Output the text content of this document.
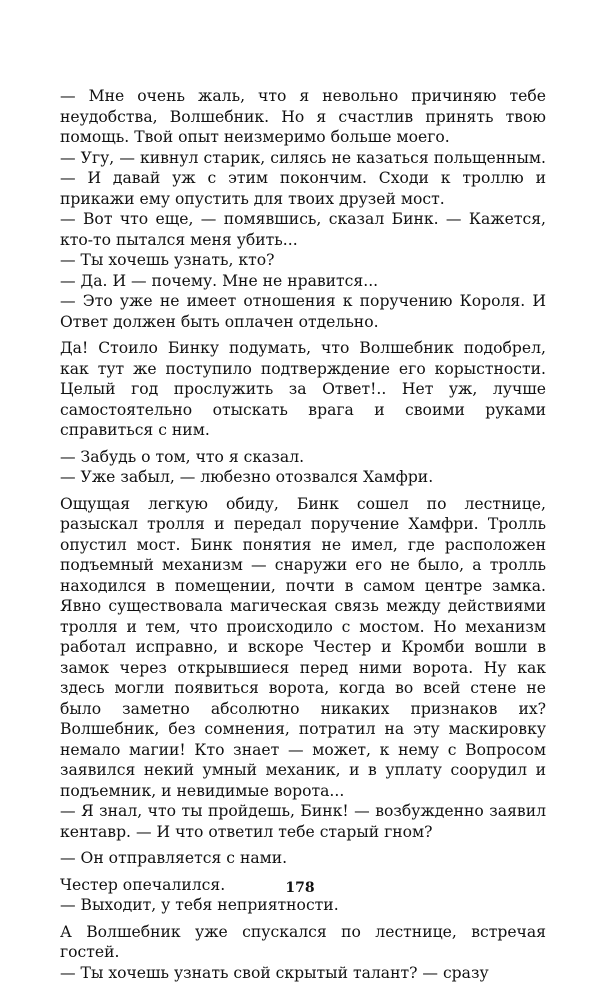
— Мне очень жаль, что я невольно причиняю тебе неудобства, Волшебник. Но я счастлив принять твою помощь. Твой опыт неизмеримо больше моего.

— Угу, — кивнул старик, силясь не казаться польщенным. — И давай уж с этим покончим. Сходи к троллю и прикажи ему опустить для твоих друзей мост.

— Вот что еще, — помявшись, сказал Бинк. — Кажется, кто-то пытался меня убить...

— Ты хочешь узнать, кто?

— Да. И — почему. Мне не нравится...

— Это уже не имеет отношения к поручению Короля. И Ответ должен быть оплачен отдельно.

Да! Стоило Бинку подумать, что Волшебник подобрел, как тут же поступило подтверждение его корыстности. Целый год прослужить за Ответ!.. Нет уж, лучше самостоятельно отыскать врага и своими руками справиться с ним.

— Забудь о том, что я сказал.

— Уже забыл, — любезно отозвался Хамфри.

Ощущая легкую обиду, Бинк сошел по лестнице, разыскал тролля и передал поручение Хамфри. Тролль опустил мост. Бинк понятия не имел, где расположен подъемный механизм — снаружи его не было, а тролль находился в помещении, почти в самом центре замка. Явно существовала магическая связь между действиями тролля и тем, что происходило с мостом. Но механизм работал исправно, и вскоре Честер и Кромби вошли в замок через открывшиеся перед ними ворота. Ну как здесь могли появиться ворота, когда во всей стене не было заметно абсолютно никаких признаков их? Волшебник, без сомнения, потратил на эту маскировку немало магии! Кто знает — может, к нему с Вопросом заявился некий умный механик, и в уплату соорудил и подъемник, и невидимые ворота...

— Я знал, что ты пройдешь, Бинк! — возбужденно заявил кентавр. — И что ответил тебе старый гном?

— Он отправляется с нами.

Честер опечалился.

— Выходит, у тебя неприятности.

А Волшебник уже спускался по лестнице, встречая гостей.

— Ты хочешь узнать свой скрытый талант? — сразу

178
